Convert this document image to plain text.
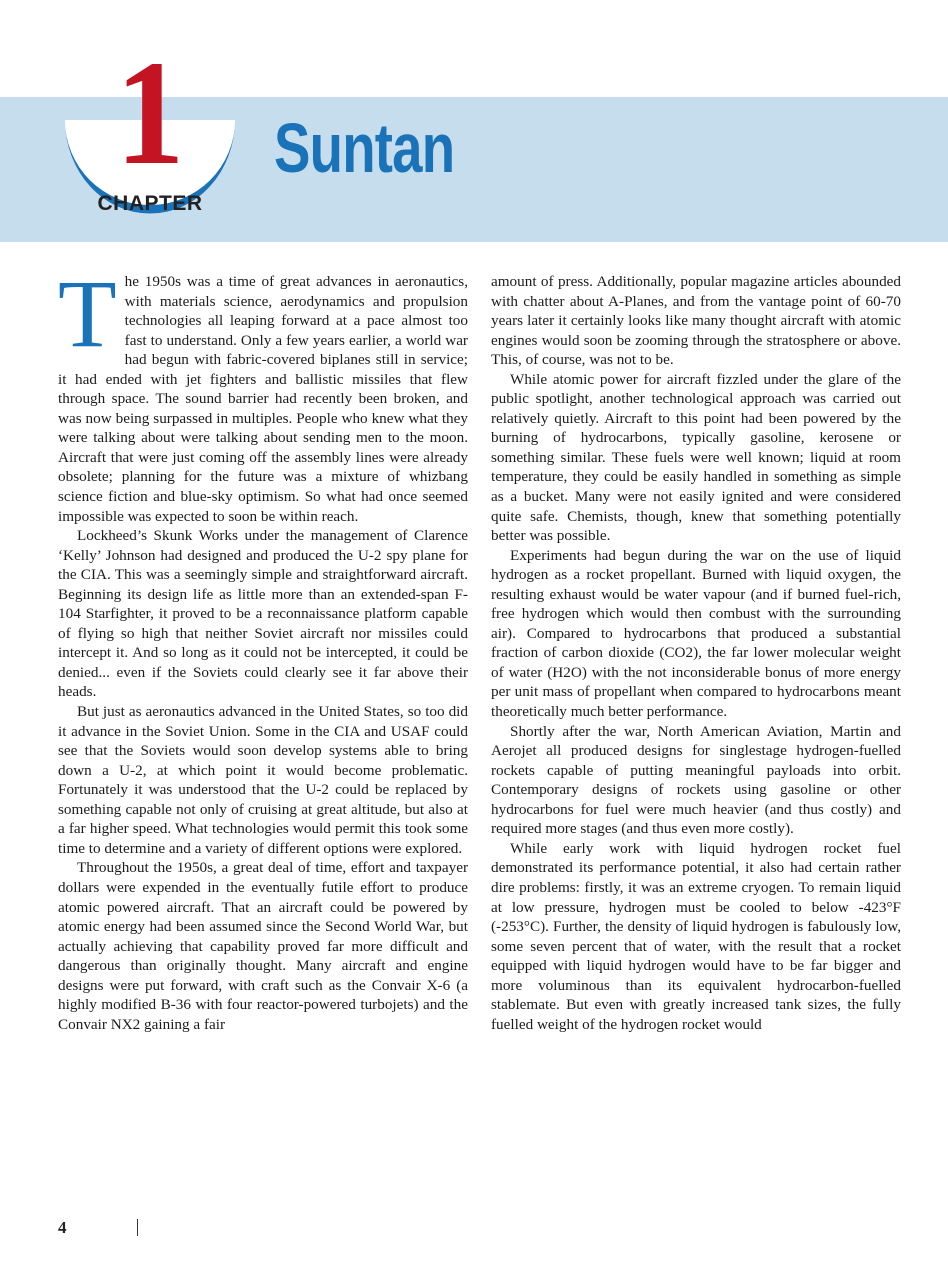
1
CHAPTER
Suntan

The 1950s was a time of great advances in aeronautics, with materials science, aerodynamics and propulsion technologies all leaping forward at a pace almost too fast to understand. Only a few years earlier, a world war had begun with fabric-covered biplanes still in service; it had ended with jet fighters and ballistic missiles that flew through space. The sound barrier had recently been broken, and was now being surpassed in multiples. People who knew what they were talking about were talking about sending men to the moon. Aircraft that were just coming off the assembly lines were already obsolete; planning for the future was a mixture of whizbang science fiction and blue-sky optimism. So what had once seemed impossible was expected to soon be within reach.

Lockheed’s Skunk Works under the management of Clarence ‘Kelly’ Johnson had designed and produced the U-2 spy plane for the CIA. This was a seemingly simple and straightforward aircraft. Beginning its design life as little more than an extended-span F-104 Starfighter, it proved to be a reconnaissance platform capable of flying so high that neither Soviet aircraft nor missiles could intercept it. And so long as it could not be intercepted, it could be denied... even if the Soviets could clearly see it far above their heads.

But just as aeronautics advanced in the United States, so too did it advance in the Soviet Union. Some in the CIA and USAF could see that the Soviets would soon develop systems able to bring down a U-2, at which point it would become problematic. Fortunately it was understood that the U-2 could be replaced by something capable not only of cruising at great altitude, but also at a far higher speed. What technologies would permit this took some time to determine and a variety of different options were explored.

Throughout the 1950s, a great deal of time, effort and taxpayer dollars were expended in the eventually futile effort to produce atomic powered aircraft. That an aircraft could be powered by atomic energy had been assumed since the Second World War, but actually achieving that capability proved far more difficult and dangerous than originally thought. Many aircraft and engine designs were put forward, with craft such as the Convair X-6 (a highly modified B-36 with four reactor-powered turbojets) and the Convair NX2 gaining a fair

amount of press. Additionally, popular magazine articles abounded with chatter about A-Planes, and from the vantage point of 60-70 years later it certainly looks like many thought aircraft with atomic engines would soon be zooming through the stratosphere or above. This, of course, was not to be.

While atomic power for aircraft fizzled under the glare of the public spotlight, another technological approach was carried out relatively quietly. Aircraft to this point had been powered by the burning of hydrocarbons, typically gasoline, kerosene or something similar. These fuels were well known; liquid at room temperature, they could be easily handled in something as simple as a bucket. Many were not easily ignited and were considered quite safe. Chemists, though, knew that something potentially better was possible.

Experiments had begun during the war on the use of liquid hydrogen as a rocket propellant. Burned with liquid oxygen, the resulting exhaust would be water vapour (and if burned fuel-rich, free hydrogen which would then combust with the surrounding air). Compared to hydrocarbons that produced a substantial fraction of carbon dioxide (CO2), the far lower molecular weight of water (H2O) with the not inconsiderable bonus of more energy per unit mass of propellant when compared to hydrocarbons meant theoretically much better performance.

Shortly after the war, North American Aviation, Martin and Aerojet all produced designs for singlestage hydrogen-fuelled rockets capable of putting meaningful payloads into orbit. Contemporary designs of rockets using gasoline or other hydrocarbons for fuel were much heavier (and thus costly) and required more stages (and thus even more costly).

While early work with liquid hydrogen rocket fuel demonstrated its performance potential, it also had certain rather dire problems: firstly, it was an extreme cryogen. To remain liquid at low pressure, hydrogen must be cooled to below -423°F (-253°C). Further, the density of liquid hydrogen is fabulously low, some seven percent that of water, with the result that a rocket equipped with liquid hydrogen would have to be far bigger and more voluminous than its equivalent hydrocarbon-fuelled stablemate. But even with greatly increased tank sizes, the fully fuelled weight of the hydrogen rocket would

4
